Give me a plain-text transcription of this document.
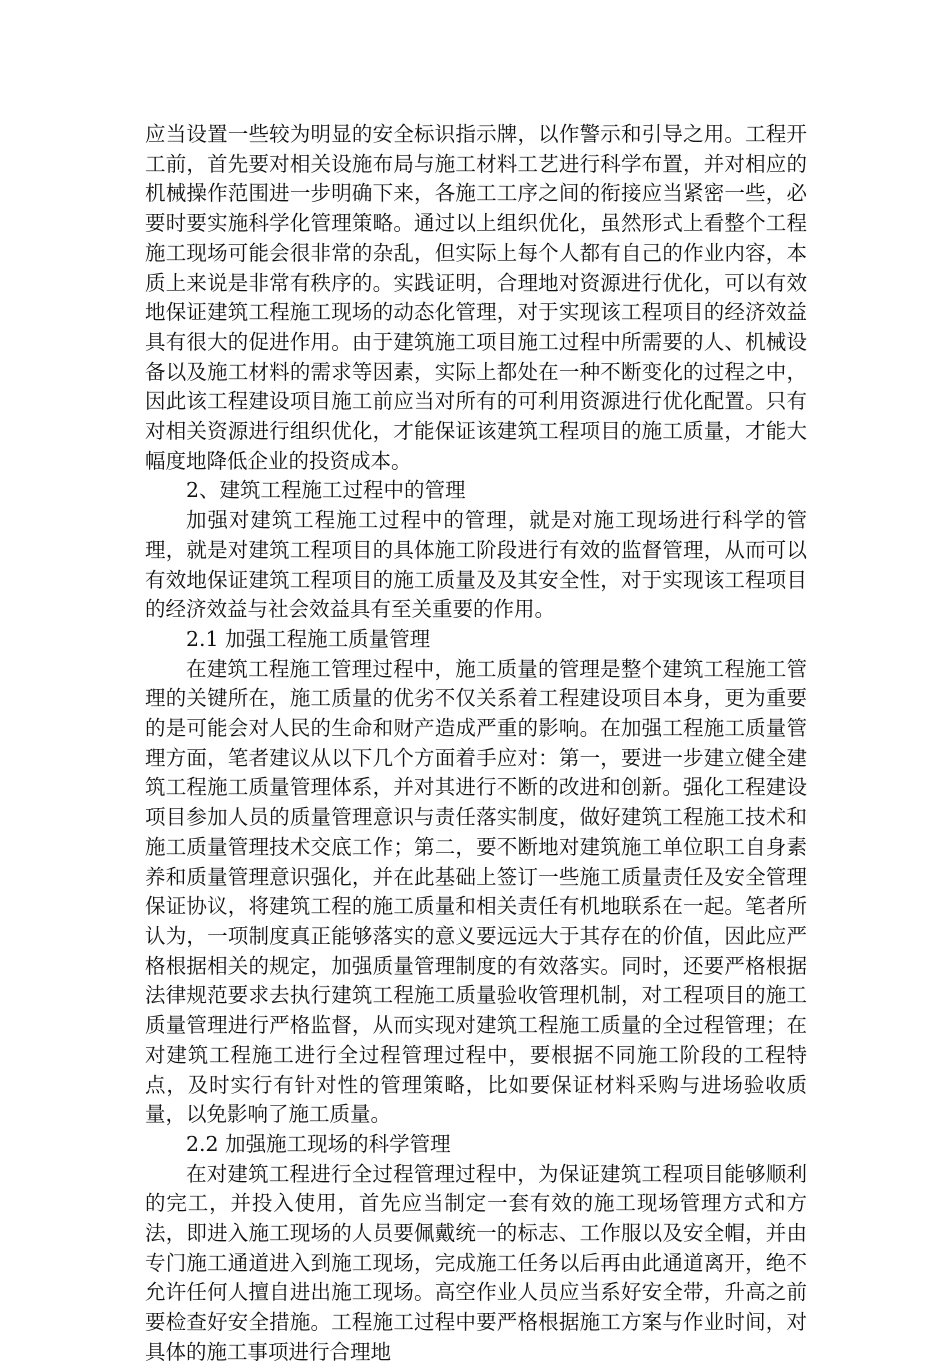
应当设置一些较为明显的安全标识指示牌，以作警示和引导之用。工程开工前，首先要对相关设施布局与施工材料工艺进行科学布置，并对相应的机械操作范围进一步明确下来，各施工工序之间的衔接应当紧密一些，必要时要实施科学化管理策略。通过以上组织优化，虽然形式上看整个工程施工现场可能会很非常的杂乱，但实际上每个人都有自己的作业内容，本质上来说是非常有秩序的。实践证明，合理地对资源进行优化，可以有效地保证建筑工程施工现场的动态化管理，对于实现该工程项目的经济效益具有很大的促进作用。由于建筑施工项目施工过程中所需要的人、机械设备以及施工材料的需求等因素，实际上都处在一种不断变化的过程之中，因此该工程建设项目施工前应当对所有的可利用资源进行优化配置。只有对相关资源进行组织优化，才能保证该建筑工程项目的施工质量，才能大幅度地降低企业的投资成本。

2、建筑工程施工过程中的管理

加强对建筑工程施工过程中的管理，就是对施工现场进行科学的管理，就是对建筑工程项目的具体施工阶段进行有效的监督管理，从而可以有效地保证建筑工程项目的施工质量及及其安全性，对于实现该工程项目的经济效益与社会效益具有至关重要的作用。

2.1 加强工程施工质量管理

在建筑工程施工管理过程中，施工质量的管理是整个建筑工程施工管理的关键所在，施工质量的优劣不仅关系着工程建设项目本身，更为重要的是可能会对人民的生命和财产造成严重的影响。在加强工程施工质量管理方面，笔者建议从以下几个方面着手应对：第一，要进一步建立健全建筑工程施工质量管理体系，并对其进行不断的改进和创新。强化工程建设项目参加人员的质量管理意识与责任落实制度，做好建筑工程施工技术和施工质量管理技术交底工作；第二，要不断地对建筑施工单位职工自身素养和质量管理意识强化，并在此基础上签订一些施工质量责任及安全管理保证协议，将建筑工程的施工质量和相关责任有机地联系在一起。笔者所认为，一项制度真正能够落实的意义要远远大于其存在的价值，因此应严格根据相关的规定，加强质量管理制度的有效落实。同时，还要严格根据法律规范要求去执行建筑工程施工质量验收管理机制，对工程项目的施工质量管理进行严格监督，从而实现对建筑工程施工质量的全过程管理；在对建筑工程施工进行全过程管理过程中，要根据不同施工阶段的工程特点，及时实行有针对性的管理策略，比如要保证材料采购与进场验收质量，以免影响了施工质量。

2.2 加强施工现场的科学管理

在对建筑工程进行全过程管理过程中，为保证建筑工程项目能够顺利的完工，并投入使用，首先应当制定一套有效的施工现场管理方式和方法，即进入施工现场的人员要佩戴统一的标志、工作服以及安全帽，并由专门施工通道进入到施工现场，完成施工任务以后再由此通道离开，绝不允许任何人擅自进出施工现场。高空作业人员应当系好安全带，升高之前要检查好安全措施。工程施工过程中要严格根据施工方案与作业时间，对具体的施工事项进行合理地
